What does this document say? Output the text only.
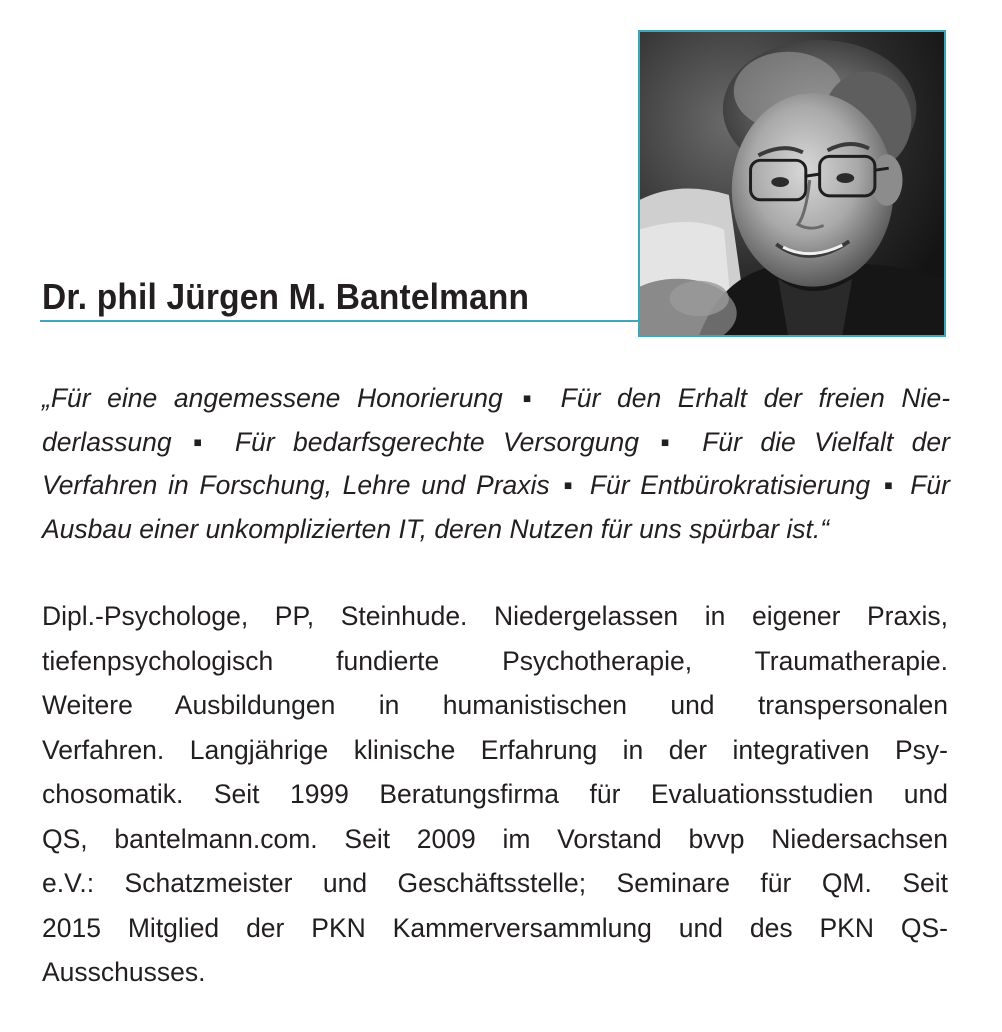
Dr. phil Jürgen M. Bantelmann

„Für eine angemessene Honorierung ▪ Für den Erhalt der freien Niederlassung ▪ Für bedarfsgerechte Versorgung ▪ Für die Vielfalt der Verfahren in Forschung, Lehre und Praxis ▪ Für Entbürokratisierung ▪ Für Ausbau einer unkomplizierten IT, deren Nutzen für uns spürbar ist.“

Dipl.-Psychologe, PP, Steinhude. Niedergelassen in eigener Praxis,
tiefenpsychologisch fundierte Psychotherapie, Traumatherapie.
Weitere Ausbildungen in humanistischen und transpersonalen
Verfahren. Langjährige klinische Erfahrung in der integrativen Psy-
chosomatik. Seit 1999 Beratungsfirma für Evaluationsstudien und
QS, bantelmann.com. Seit 2009 im Vorstand bvvp Niedersachsen
e.V.: Schatzmeister und Geschäftsstelle; Seminare für QM. Seit
2015 Mitglied der PKN Kammerversammlung und des PKN QS-
Ausschusses.
